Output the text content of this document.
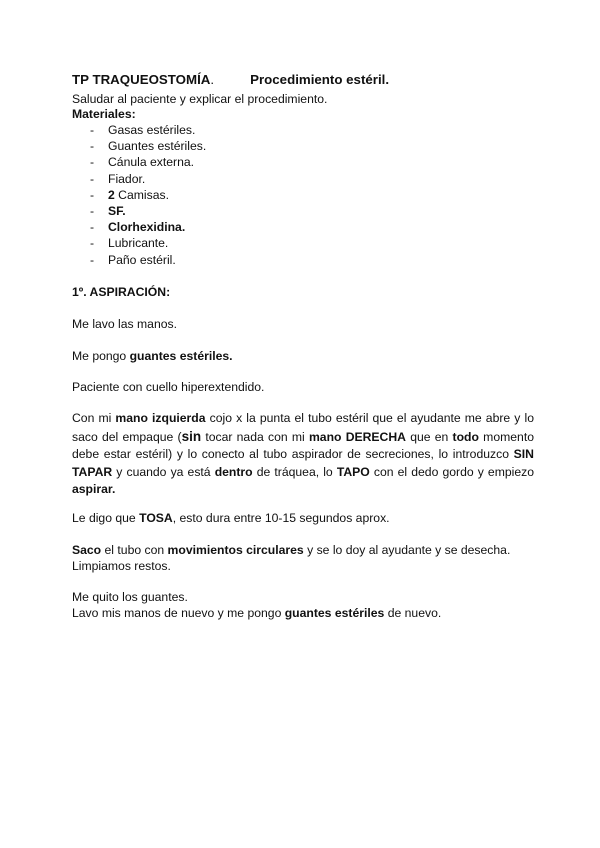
TP TRAQUEOSTOMÍA.	Procedimiento estéril.
Saludar al paciente y explicar el procedimiento.
Materiales:
- Gasas estériles.
- Guantes estériles.
- Cánula externa.
- Fiador.
- 2 Camisas.
- SF.
- Clorhexidina.
- Lubricante.
- Paño estéril.
1º. ASPIRACIÓN:
Me lavo las manos.
Me pongo guantes estériles.
Paciente con cuello hiperextendido.
Con mi mano izquierda cojo x la punta el tubo estéril que el ayudante me abre y lo saco del empaque (sin tocar nada con mi mano DERECHA que en todo momento debe estar estéril) y lo conecto al tubo aspirador de secreciones, lo introduzco SIN TAPAR y cuando ya está dentro de tráquea, lo TAPO con el dedo gordo y empiezo aspirar.
Le digo que TOSA, esto dura entre 10-15 segundos aprox.
Saco el tubo con movimientos circulares y se lo doy al ayudante y se desecha.
Limpiamos restos.
Me quito los guantes.
Lavo mis manos de nuevo y me pongo guantes estériles de nuevo.
